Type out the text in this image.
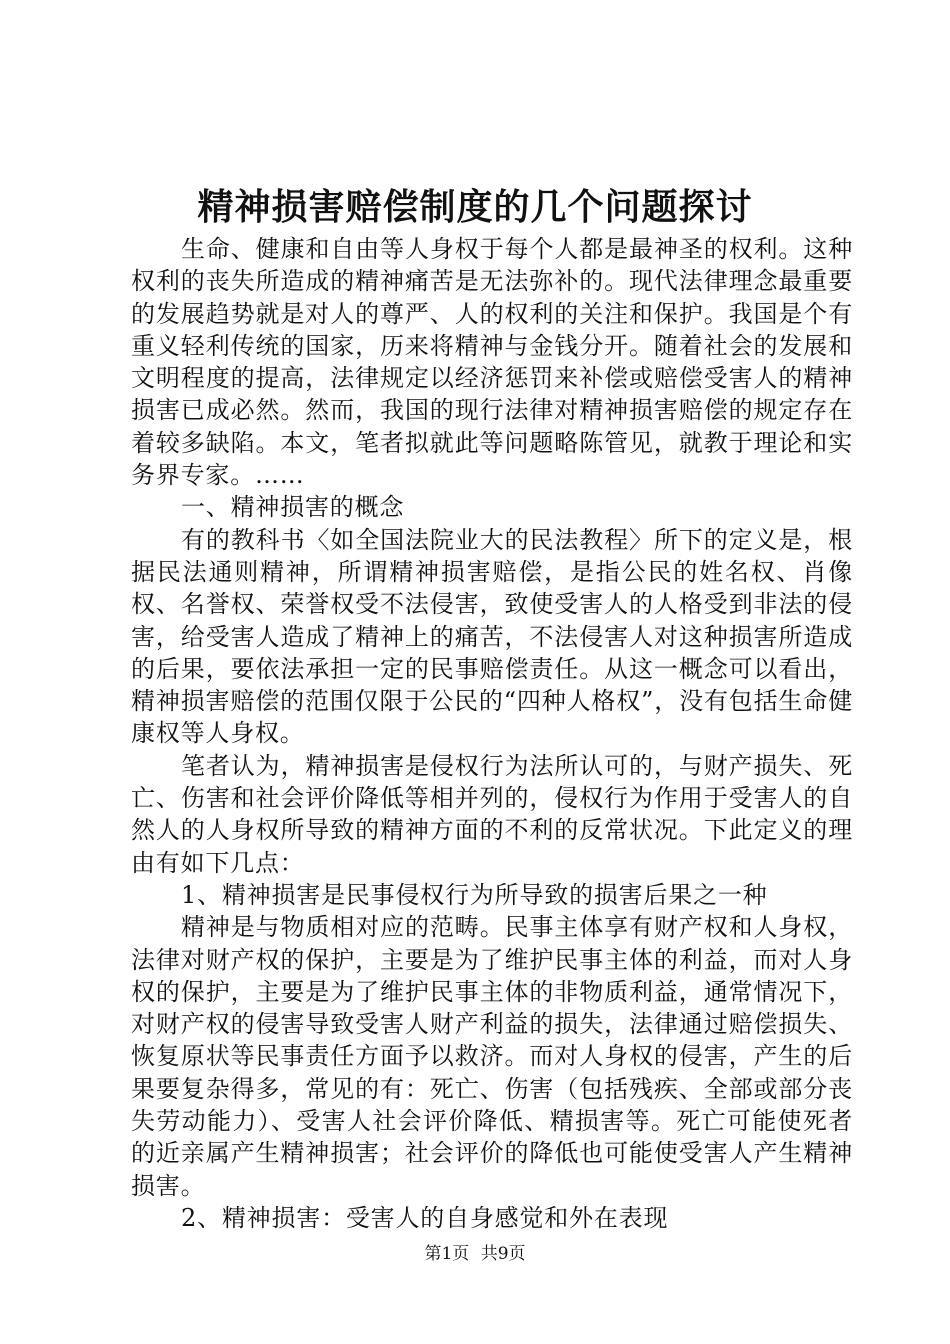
精神损害赔偿制度的几个问题探讨

生命、健康和自由等人身权于每个人都是最神圣的权利。这种权利的丧失所造成的精神痛苦是无法弥补的。现代法律理念最重要的发展趋势就是对人的尊严、人的权利的关注和保护。我国是个有重义轻利传统的国家，历来将精神与金钱分开。随着社会的发展和文明程度的提高，法律规定以经济惩罚来补偿或赔偿受害人的精神损害已成必然。然而，我国的现行法律对精神损害赔偿的规定存在着较多缺陷。本文，笔者拟就此等问题略陈管见，就教于理论和实务界专家。……

一、精神损害的概念

有的教科书〈如全国法院业大的民法教程〉所下的定义是，根据民法通则精神，所谓精神损害赔偿，是指公民的姓名权、肖像权、名誉权、荣誉权受不法侵害，致使受害人的人格受到非法的侵害，给受害人造成了精神上的痛苦，不法侵害人对这种损害所造成的后果，要依法承担一定的民事赔偿责任。从这一概念可以看出，精神损害赔偿的范围仅限于公民的“四种人格权”，没有包括生命健康权等人身权。

笔者认为，精神损害是侵权行为法所认可的，与财产损失、死亡、伤害和社会评价降低等相并列的，侵权行为作用于受害人的自然人的人身权所导致的精神方面的不利的反常状况。下此定义的理由有如下几点：

1、精神损害是民事侵权行为所导致的损害后果之一种

精神是与物质相对应的范畴。民事主体享有财产权和人身权，法律对财产权的保护，主要是为了维护民事主体的利益，而对人身权的保护，主要是为了维护民事主体的非物质利益，通常情况下，对财产权的侵害导致受害人财产利益的损失，法律通过赔偿损失、恢复原状等民事责任方面予以救济。而对人身权的侵害，产生的后果要复杂得多，常见的有：死亡、伤害（包括残疾、全部或部分丧失劳动能力）、受害人社会评价降低、精损害等。死亡可能使死者的近亲属产生精神损害；社会评价的降低也可能使受害人产生精神损害。

2、精神损害：受害人的自身感觉和外在表现

第1页 共9页
